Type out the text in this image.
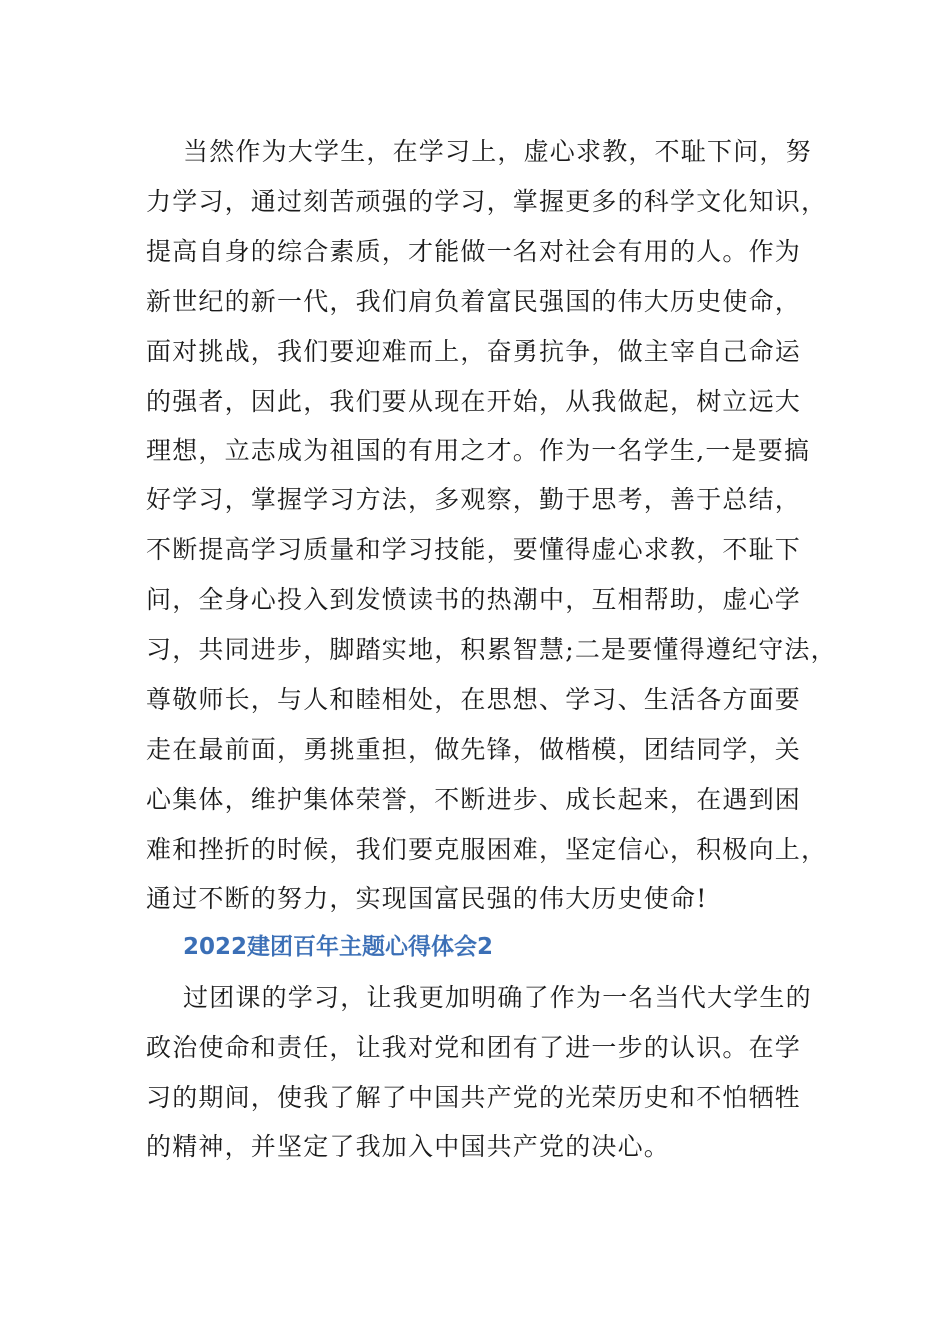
当然作为大学生，在学习上，虚心求教，不耻下问，努
力学习，通过刻苦顽强的学习，掌握更多的科学文化知识，
提高自身的综合素质，才能做一名对社会有用的人。作为
新世纪的新一代，我们肩负着富民强国的伟大历史使命，
面对挑战，我们要迎难而上，奋勇抗争，做主宰自己命运
的强者，因此，我们要从现在开始，从我做起，树立远大
理想，立志成为祖国的有用之才。作为一名学生,一是要搞
好学习，掌握学习方法，多观察，勤于思考，善于总结，
不断提高学习质量和学习技能，要懂得虚心求教，不耻下
问，全身心投入到发愤读书的热潮中，互相帮助，虚心学
习，共同进步，脚踏实地，积累智慧;二是要懂得遵纪守法，
尊敬师长，与人和睦相处，在思想、学习、生活各方面要
走在最前面，勇挑重担，做先锋，做楷模，团结同学，关
心集体，维护集体荣誉，不断进步、成长起来，在遇到困
难和挫折的时候，我们要克服困难，坚定信心，积极向上，
通过不断的努力，实现国富民强的伟大历史使命!
2022建团百年主题心得体会2
过团课的学习，让我更加明确了作为一名当代大学生的
政治使命和责任，让我对党和团有了进一步的认识。在学
习的期间，使我了解了中国共产党的光荣历史和不怕牺牲
的精神，并坚定了我加入中国共产党的决心。
